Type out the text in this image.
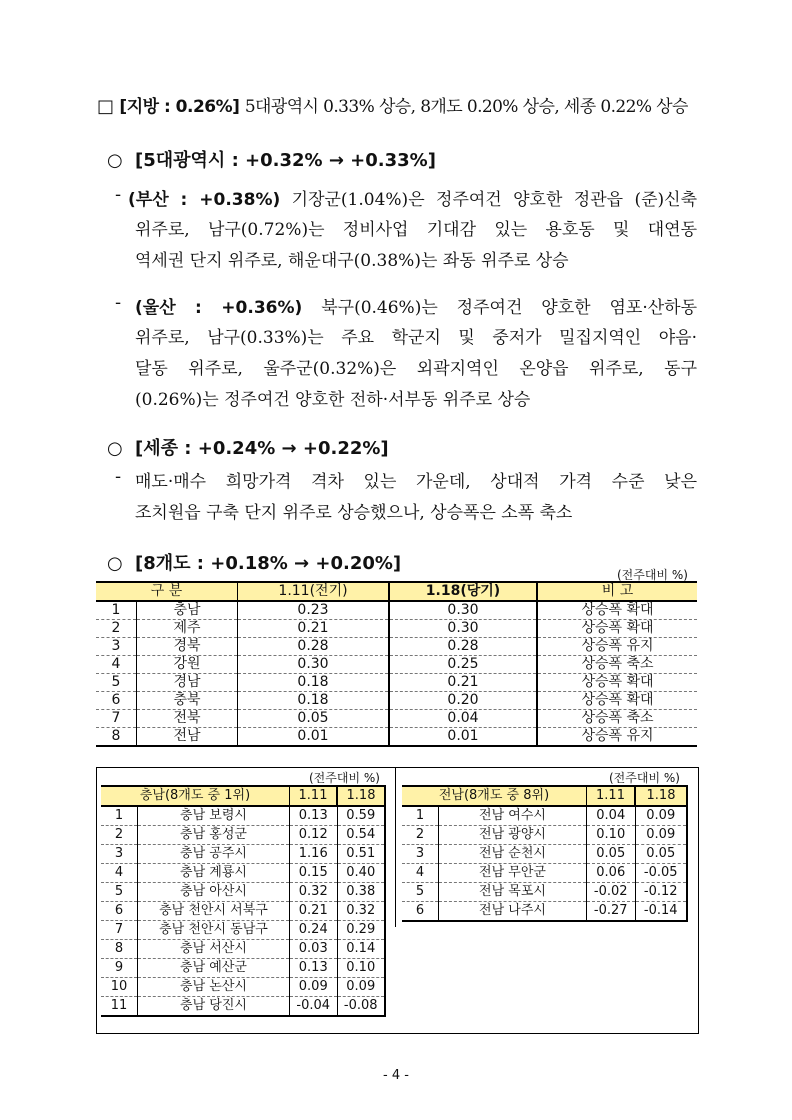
□ [지방 : 0.26%] 5대광역시 0.33% 상승, 8개도 0.20% 상승, 세종 0.22% 상승
○ [5대광역시 : +0.32% → +0.33%]
- (부산 : +0.38%) 기장군(1.04%)은 정주여건 양호한 정관읍 (준)신축
위주로, 남구(0.72%)는 정비사업 기대감 있는 용호동 및 대연동
역세권 단지 위주로, 해운대구(0.38%)는 좌동 위주로 상승
- (울산 : +0.36%) 북구(0.46%)는 정주여건 양호한 염포·산하동
위주로, 남구(0.33%)는 주요 학군지 및 중저가 밀집지역인 야음·
달동 위주로, 울주군(0.32%)은 외곽지역인 온양읍 위주로, 동구
(0.26%)는 정주여건 양호한 전하·서부동 위주로 상승
○ [세종 : +0.24% → +0.22%]
- 매도·매수 희망가격 격차 있는 가운데, 상대적 가격 수준 낮은
조치원읍 구축 단지 위주로 상승했으나, 상승폭은 소폭 축소
○ [8개도 : +0.18% → +0.20%]
(전주대비 %)
구 분		1.11(전기)	1.18(당기)	비 고
1	충남	0.23	0.30	상승폭 확대
2	제주	0.21	0.30	상승폭 확대
3	경북	0.28	0.28	상승폭 유지
4	강원	0.30	0.25	상승폭 축소
5	경남	0.18	0.21	상승폭 확대
6	충북	0.18	0.20	상승폭 확대
7	전북	0.05	0.04	상승폭 축소
8	전남	0.01	0.01	상승폭 유지
(전주대비 %)	(전주대비 %)
충남(8개도 중 1위)		1.11	1.18
1	충남 보령시	0.13	0.59
2	충남 홍성군	0.12	0.54
3	충남 공주시	1.16	0.51
4	충남 계룡시	0.15	0.40
5	충남 아산시	0.32	0.38
6	충남 천안시 서북구	0.21	0.32
7	충남 천안시 동남구	0.24	0.29
8	충남 서산시	0.03	0.14
9	충남 예산군	0.13	0.10
10	충남 논산시	0.09	0.09
11	충남 당진시	-0.04	-0.08
전남(8개도 중 8위)		1.11	1.18
1	전남 여수시	0.04	0.09
2	전남 광양시	0.10	0.09
3	전남 순천시	0.05	0.05
4	전남 무안군	0.06	-0.05
5	전남 목포시	-0.02	-0.12
6	전남 나주시	-0.27	-0.14
- 4 -
